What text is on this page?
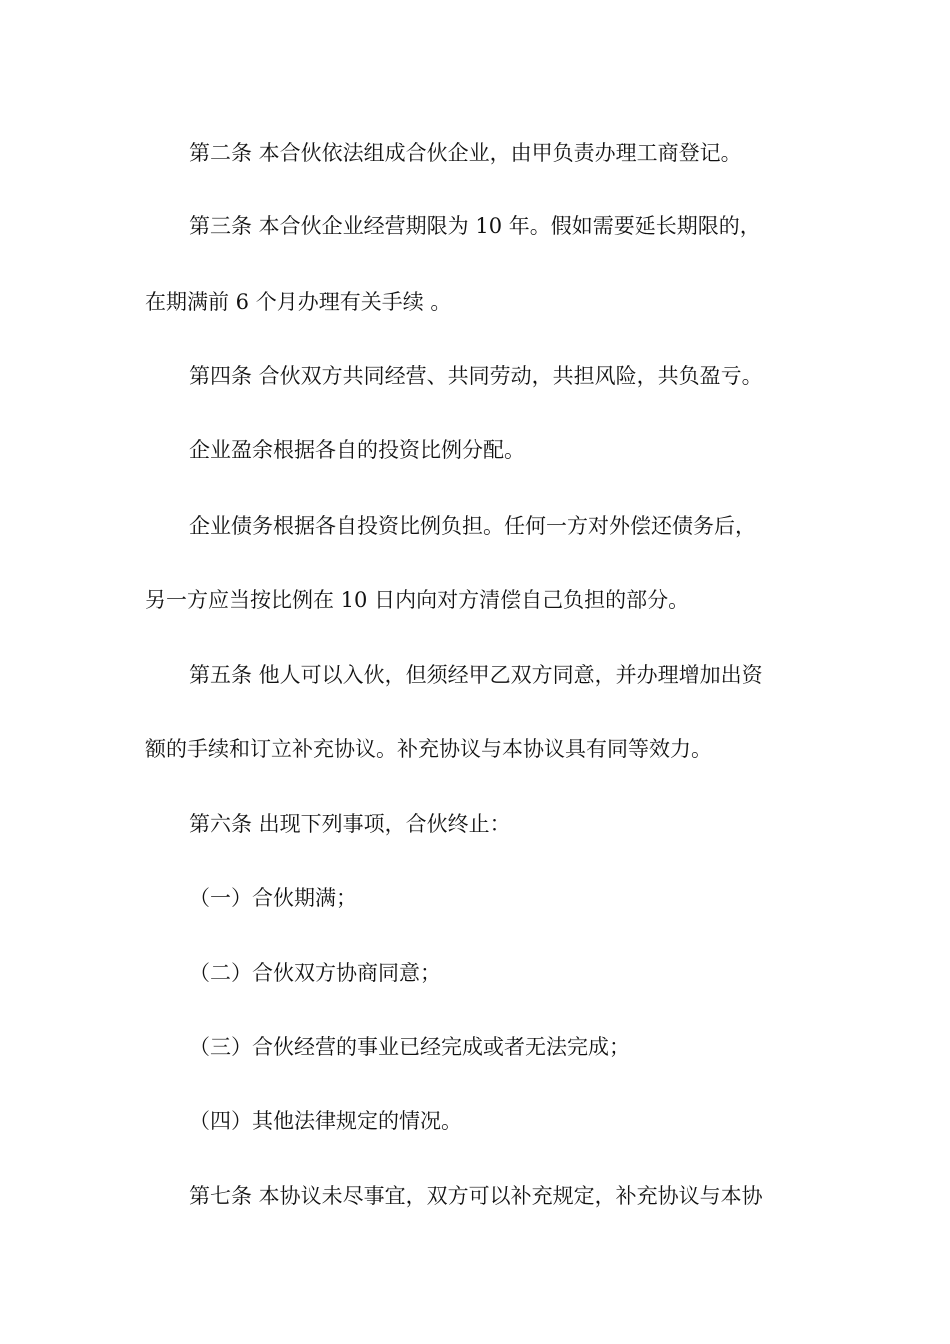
第二条 本合伙依法组成合伙企业，由甲负责办理工商登记。
第三条 本合伙企业经营期限为 10 年。假如需要延长期限的，
在期满前 6 个月办理有关手续 。
第四条 合伙双方共同经营、共同劳动，共担风险，共负盈亏。
企业盈余根据各自的投资比例分配。
企业债务根据各自投资比例负担。任何一方对外偿还债务后，
另一方应当按比例在 10 日内向对方清偿自己负担的部分。
第五条 他人可以入伙，但须经甲乙双方同意，并办理增加出资
额的手续和订立补充协议。补充协议与本协议具有同等效力。
第六条 出现下列事项，合伙终止：
（一）合伙期满；
（二）合伙双方协商同意；
（三）合伙经营的事业已经完成或者无法完成；
（四）其他法律规定的情况。
第七条 本协议未尽事宜，双方可以补充规定，补充协议与本协
